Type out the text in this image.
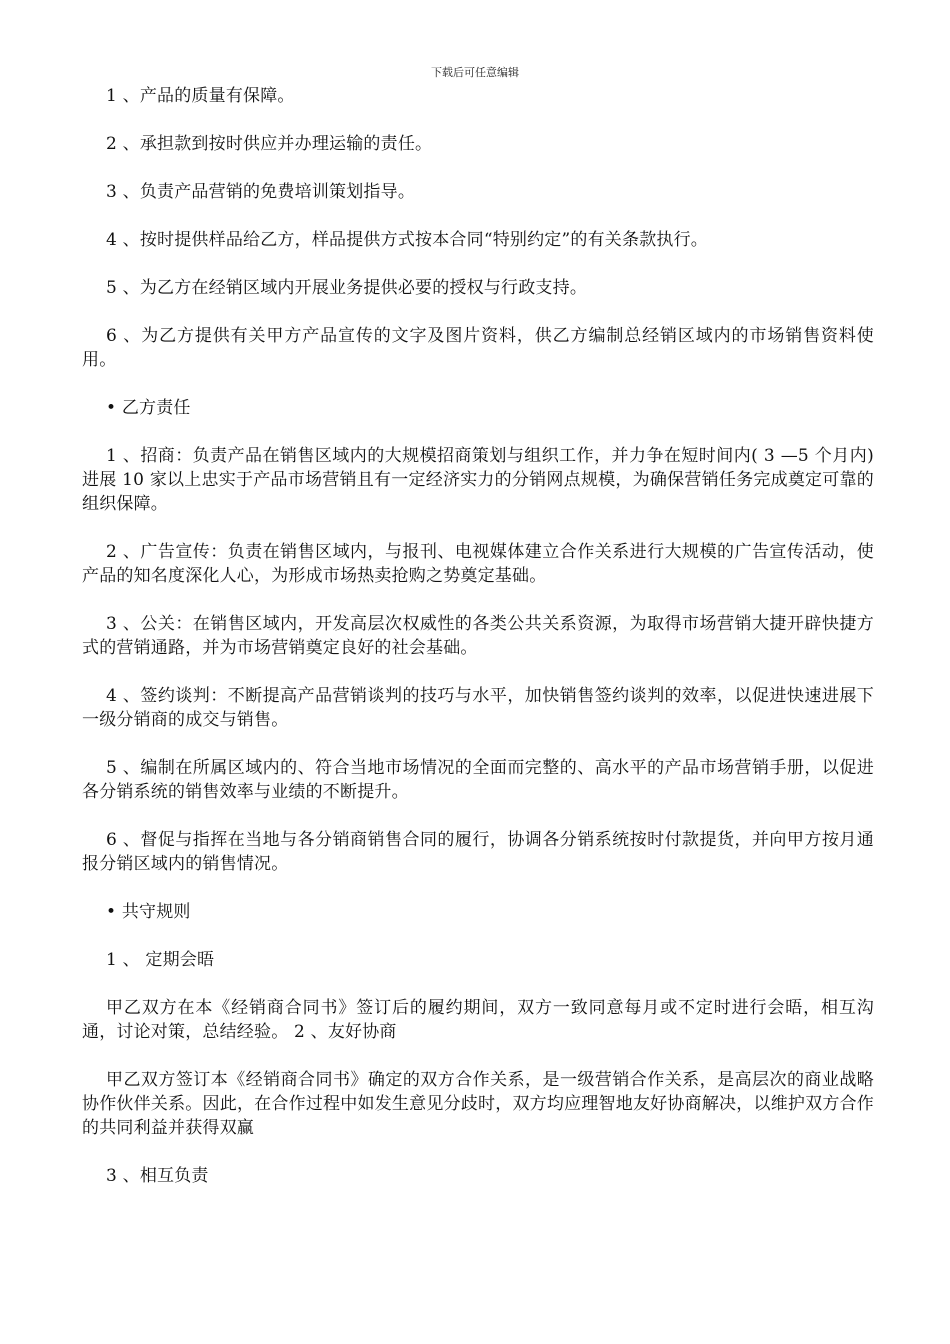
下载后可任意编辑

1 、产品的质量有保障。

2 、承担款到按时供应并办理运输的责任。

3 、负责产品营销的免费培训策划指导。

4 、按时提供样品给乙方，样品提供方式按本合同“特别约定”的有关条款执行。

5 、为乙方在经销区域内开展业务提供必要的授权与行政支持。

6 、为乙方提供有关甲方产品宣传的文字及图片资料，供乙方编制总经销区域内的市场销售资料使用。

• 乙方责任

1 、招商：负责产品在销售区域内的大规模招商策划与组织工作，并力争在短时间内( 3 —5 个月内)进展 10 家以上忠实于产品市场营销且有一定经济实力的分销网点规模，为确保营销任务完成奠定可靠的组织保障。

2 、广告宣传：负责在销售区域内，与报刊、电视媒体建立合作关系进行大规模的广告宣传活动，使产品的知名度深化人心，为形成市场热卖抢购之势奠定基础。

3 、公关：在销售区域内，开发高层次权威性的各类公共关系资源，为取得市场营销大捷开辟快捷方式的营销通路，并为市场营销奠定良好的社会基础。

4 、签约谈判：不断提高产品营销谈判的技巧与水平，加快销售签约谈判的效率，以促进快速进展下一级分销商的成交与销售。

5 、编制在所属区域内的、符合当地市场情况的全面而完整的、高水平的产品市场营销手册，以促进各分销系统的销售效率与业绩的不断提升。

6 、督促与指挥在当地与各分销商销售合同的履行，协调各分销系统按时付款提货，并向甲方按月通报分销区域内的销售情况。

• 共守规则

1 、 定期会晤

甲乙双方在本《经销商合同书》签订后的履约期间，双方一致同意每月或不定时进行会晤，相互沟通，讨论对策，总结经验。 2 、友好协商

甲乙双方签订本《经销商合同书》确定的双方合作关系，是一级营销合作关系，是高层次的商业战略协作伙伴关系。因此，在合作过程中如发生意见分歧时，双方均应理智地友好协商解决，以维护双方合作的共同利益并获得双赢

3 、相互负责
